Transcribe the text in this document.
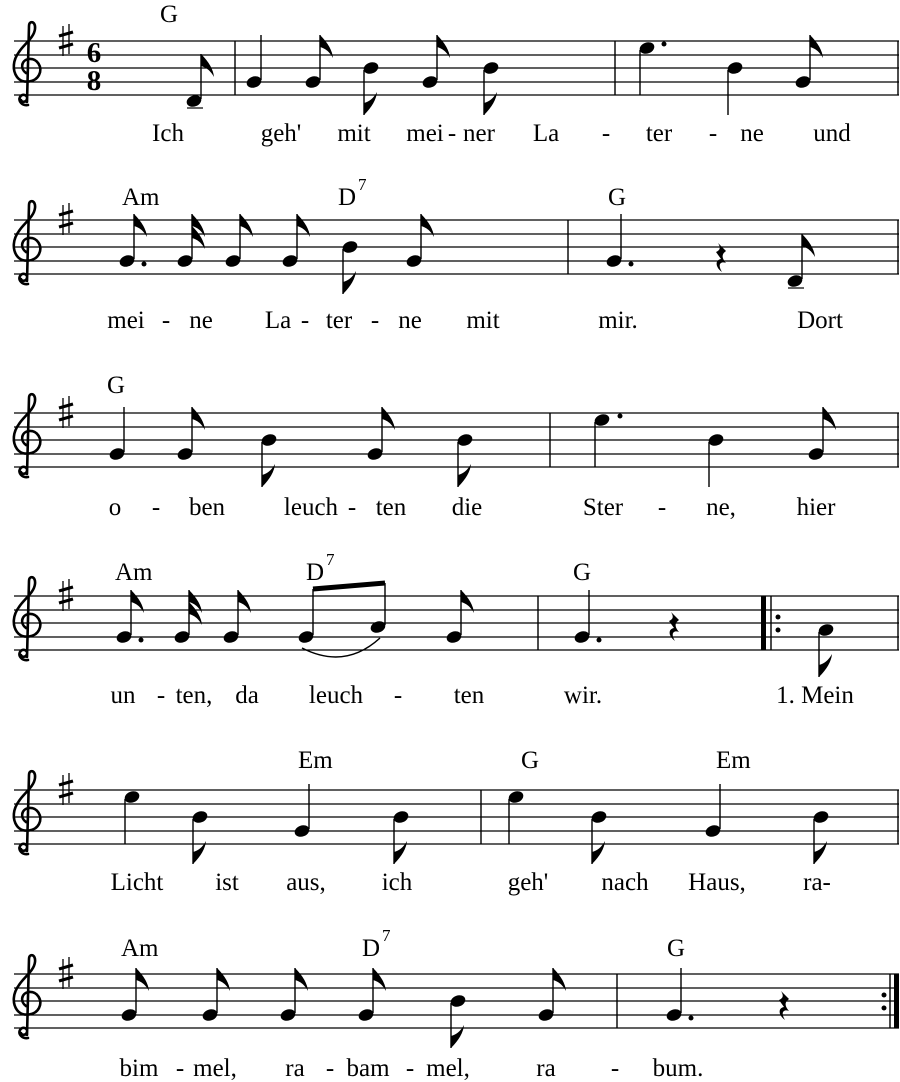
6
8
G
Ich	geh' mit mei - ner La - ter - ne und
Am	D 7	G
mei - ne La - ter - ne mit	mir.	Dort
G
o - ben leuch - ten die	Ster - ne, hier
Am	D 7	G
un - ten, da leuch - ten	wir.	1. Mein
Em	G	Em
Licht ist aus, ich	geh' nach Haus, ra-
Am	D 7	G
bim - mel, ra - bam - mel,	ra - bum.
